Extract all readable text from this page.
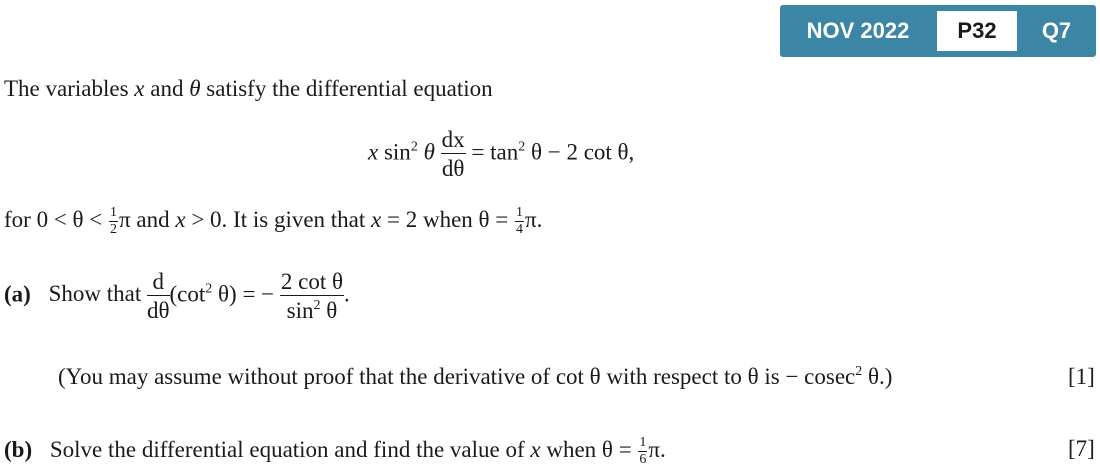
NOV 2022	P32	Q7
The variables x and θ satisfy the differential equation
x $\sin^2 \theta \frac{dx}{d\theta} = \tan^2 \theta - 2$ cot θ,
for $0 < \theta < \frac{1}{2}$ π and x > 0. It is given that x = 2 when $\theta = \frac{1}{4} \pi$.
(a) Show that $\frac{d}{d\theta} (\cot^2$ θ) = − $\frac{\text{2 cot θ}}{\sin^2 \theta}$ .
(You may assume without proof that the derivative of cot θ with respect to θ is − cosec$^2$ θ.)	[1]
(b) Solve the differential equation and find the value of x when $\theta = \frac{1}{6} \pi$.	[7]
